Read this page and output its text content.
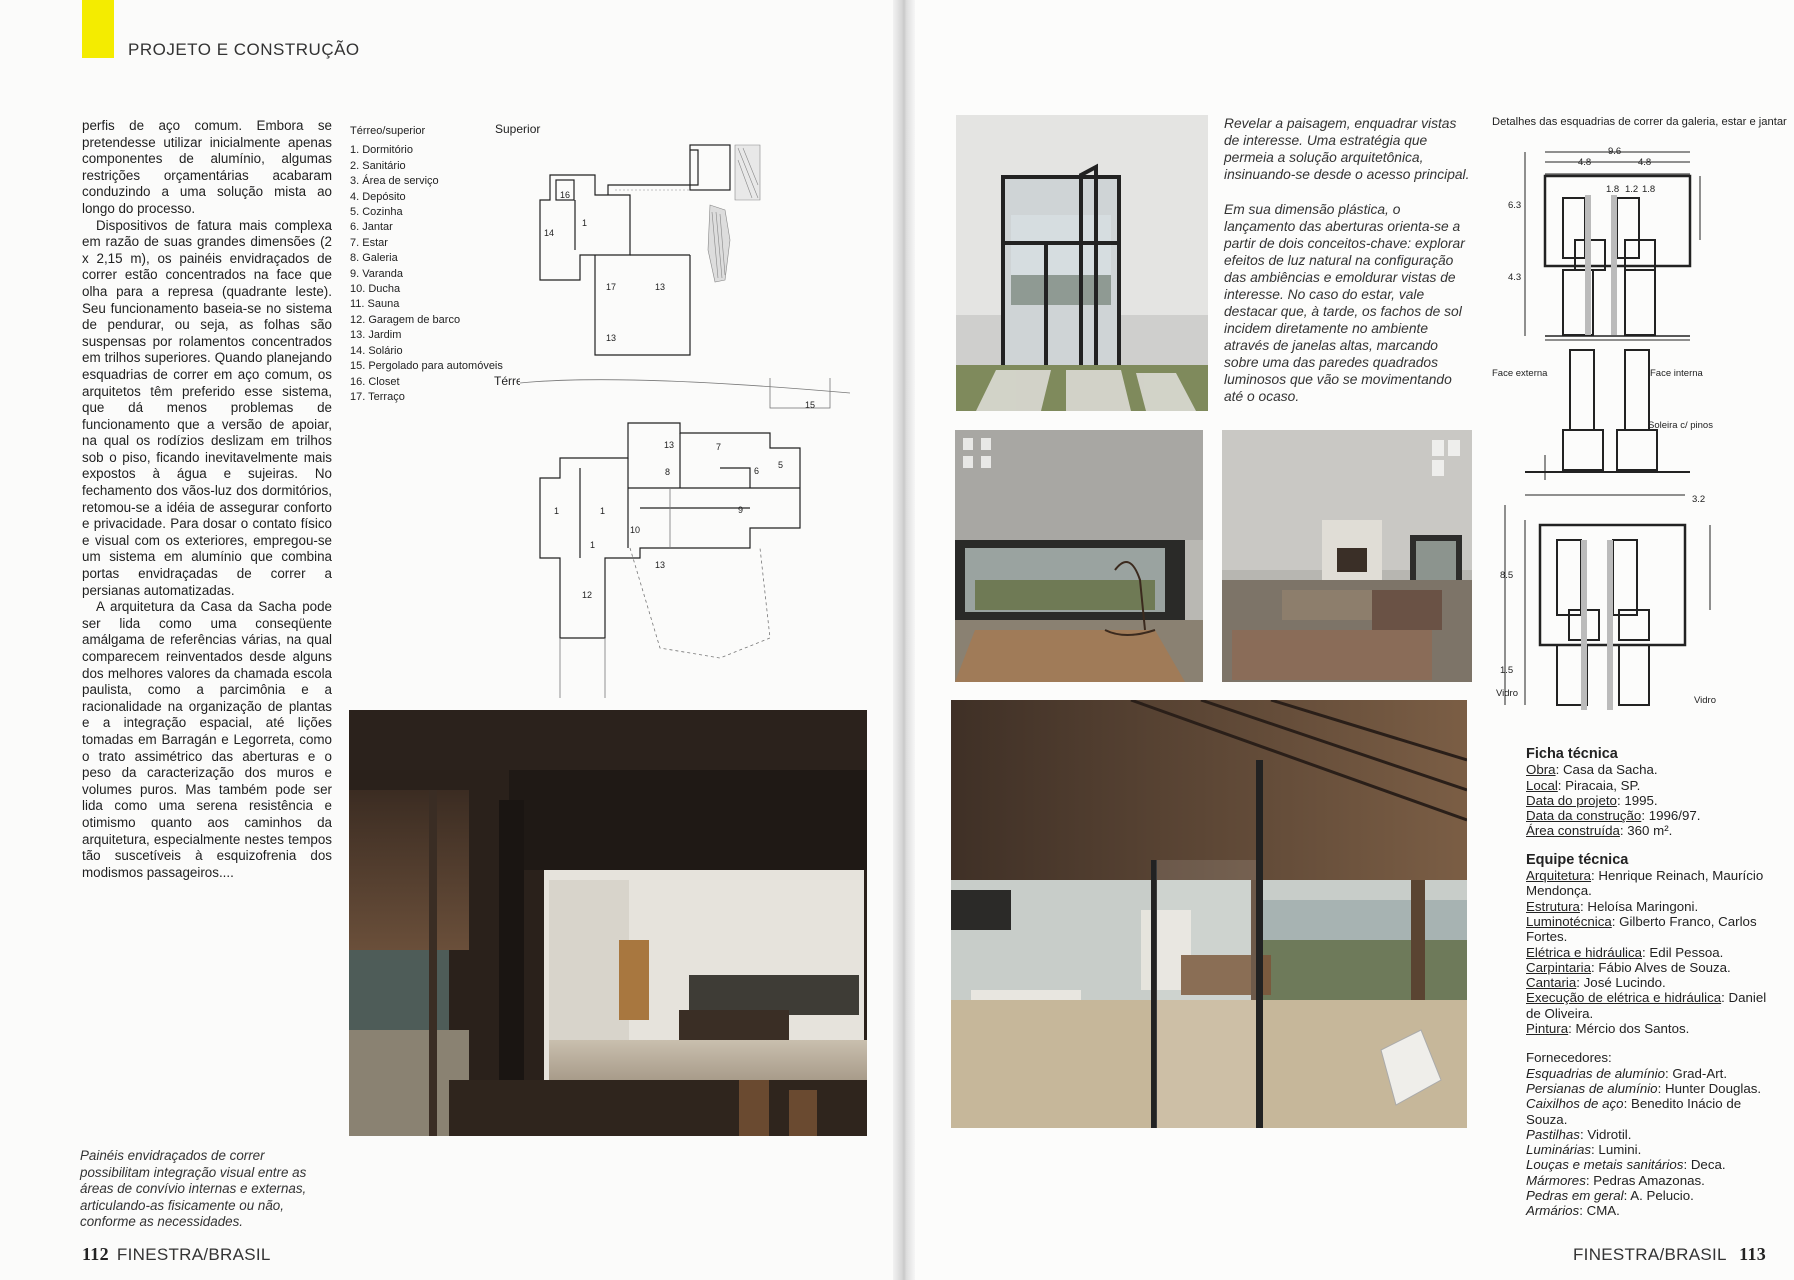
PROJETO E CONSTRUÇÃO

perfis de aço comum. Embora se pretendesse utilizar inicialmente apenas componentes de alumínio, algumas restrições orçamentárias acabaram conduzindo a uma solução mista ao longo do processo.

Dispositivos de fatura mais complexa em razão de suas grandes dimensões (2 x 2,15 m), os painéis envidraçados de correr estão concentrados na face que olha para a represa (quadrante leste). Seu funcionamento baseia-se no sistema de pendurar, ou seja, as folhas são suspensas por rolamentos concentrados em trilhos superiores. Quando planejando esquadrias de correr em aço comum, os arquitetos têm preferido esse sistema, que dá menos problemas de funcionamento que a versão de apoiar, na qual os rodízios deslizam em trilhos sob o piso, ficando inevitavelmente mais expostos à água e sujeiras. No fechamento dos vãos-luz dos dormitórios, retomou-se a idéia de assegurar conforto e privacidade. Para dosar o contato físico e visual com os exteriores, empregou-se um sistema em alumínio que combina portas envidraçadas de correr a persianas automatizadas.

A arquitetura da Casa da Sacha pode ser lida como uma conseqüente amálgama de referências várias, na qual comparecem reinventados desde alguns dos melhores valores da chamada escola paulista, como a parcimônia e a racionalidade na organização de plantas e a integração espacial, até lições tomadas em Barragán e Legorreta, como o trato assimétrico das aberturas e o peso da caracterização dos muros e volumes puros. Mas também pode ser lida como uma serena resistência e otimismo quanto aos caminhos da arquitetura, especialmente nestes tempos tão suscetíveis à esquizofrenia dos modismos passageiros....

Térreo/superior
1. Dormitório
2. Sanitário
3. Área de serviço
4. Depósito
5. Cozinha
6. Jantar
7. Estar
8. Galeria
9. Varanda
10. Ducha
11. Sauna
12. Garagem de barco
13. Jardim
14. Solário
15. Pergolado para automóveis
16. Closet
17. Terraço
Superior
Térreo
16
1
14
17	13
13
15
13	7
6
5
8
9
1	1
10
13
12
1
Painéis envidraçados de correr possibilitam integração visual entre as áreas de convívio internas e externas, articulando-as fisicamente ou não, conforme as necessidades.
112 FINESTRA/BRASIL

Revelar a paisagem, enquadrar vistas de interesse. Uma estratégia que permeia a solução arquitetônica, insinuando-se desde o acesso principal.

Em sua dimensão plástica, o lançamento das aberturas orienta-se a partir de dois conceitos-chave: explorar efeitos de luz natural na configuração das ambiências e emoldurar vistas de interesse. No caso do estar, vale destacar que, à tarde, os fachos de sol incidem diretamente no ambiente através de janelas altas, marcando sobre uma das paredes quadrados luminosos que vão se movimentando até o ocaso.

Detalhes das esquadrias de correr da galeria, estar e jantar
9.6
4.8	4.8
1.8 1.2 1.8
6.3
4.3
Face externa	Face interna
Soleira c/ pinos
3.2
8.5
1.5
Vidro
Vidro
Ficha técnica
Obra: Casa da Sacha.
Local: Piracaia, SP.
Data do projeto: 1995.
Data da construção: 1996/97.
Área construída: 360 m².
Equipe técnica
Arquitetura: Henrique Reinach, Maurício Mendonça.
Estrutura: Heloísa Maringoni.
Luminotécnica: Gilberto Franco, Carlos Fortes.
Elétrica e hidráulica: Edil Pessoa.
Carpintaria: Fábio Alves de Souza.
Cantaria: José Lucindo.
Execução de elétrica e hidráulica: Daniel de Oliveira.
Pintura: Mércio dos Santos.
Fornecedores:
Esquadrias de alumínio: Grad-Art.
Persianas de alumínio: Hunter Douglas.
Caixilhos de aço: Benedito Inácio de Souza.
Pastilhas: Vidrotil.
Luminárias: Lumini.
Louças e metais sanitários: Deca.
Mármores: Pedras Amazonas.
Pedras em geral: A. Pelucio.
Armários: CMA.
FINESTRA/BRASIL 113
